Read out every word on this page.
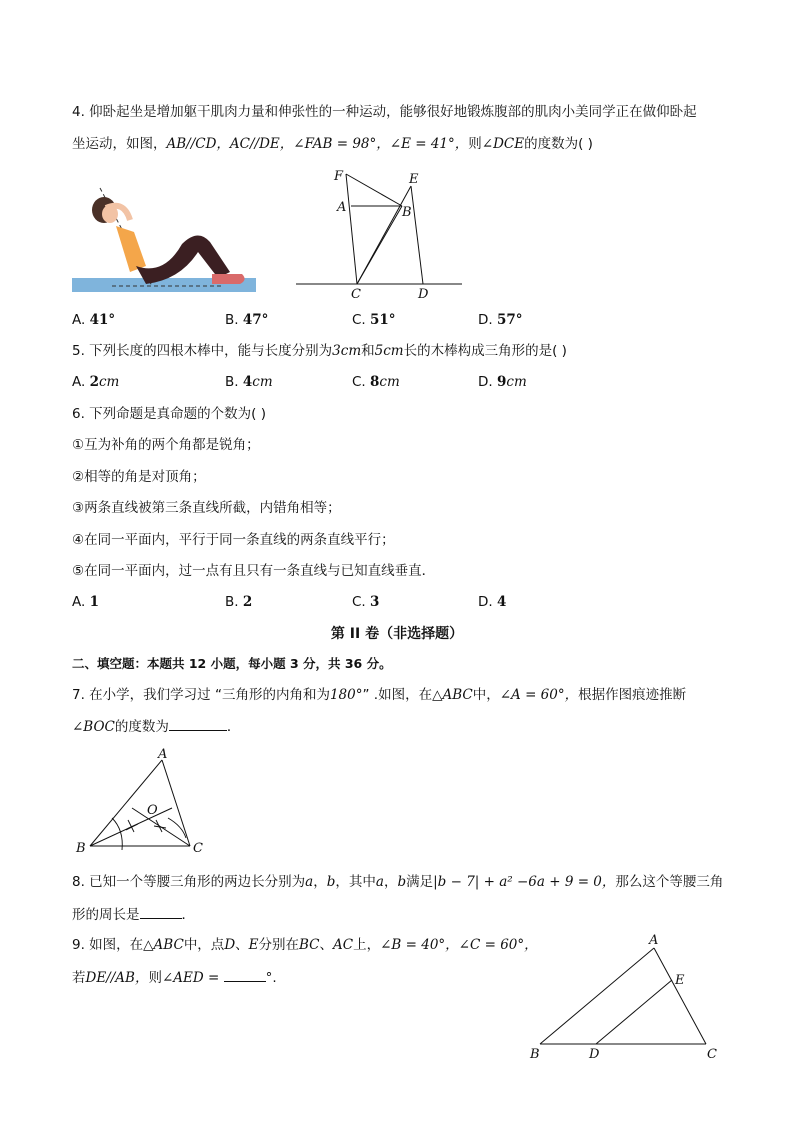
4. 仰卧起坐是增加躯干肌肉力量和伸张性的一种运动，能够很好地锻炼腹部的肌肉小美同学正在做仰卧起
坐运动，如图，AB//CD，AC//DE，∠FAB = 98°，∠E = 41°，则∠DCE的度数为( )
F	E
A	B
C	D
A. 41°	B. 47°	C. 51°	D. 57°
5. 下列长度的四根木棒中，能与长度分别为3cm和5cm长的木棒构成三角形的是( )
A. 2cm	B. 4cm	C. 8cm	D. 9cm
6. 下列命题是真命题的个数为( )
①互为补角的两个角都是锐角；
②相等的角是对顶角；
③两条直线被第三条直线所截，内错角相等；
④在同一平面内，平行于同一条直线的两条直线平行；
⑤在同一平面内，过一点有且只有一条直线与已知直线垂直．
A. 1	B. 2	C. 3	D. 4
第 II 卷（非选择题）
二、填空题：本题共 12 小题，每小题 3 分，共 36 分。
7. 在小学，我们学习过 “三角形的内角和为180°” .如图，在△ABC中，∠A = 60°，根据作图痕迹推断
∠BOC的度数为	．
A
B	C
O
8. 已知一个等腰三角形的两边长分别为a，b，其中a，b满足|b − 7| + a² −6a + 9 = 0，那么这个等腰三角
形的周长是	．
9. 如图，在△ABC中，点D、E分别在BC、AC上，∠B = 40°，∠C = 60°，
若DE//AB，则∠AED =	°.
A
B	C
D
E
